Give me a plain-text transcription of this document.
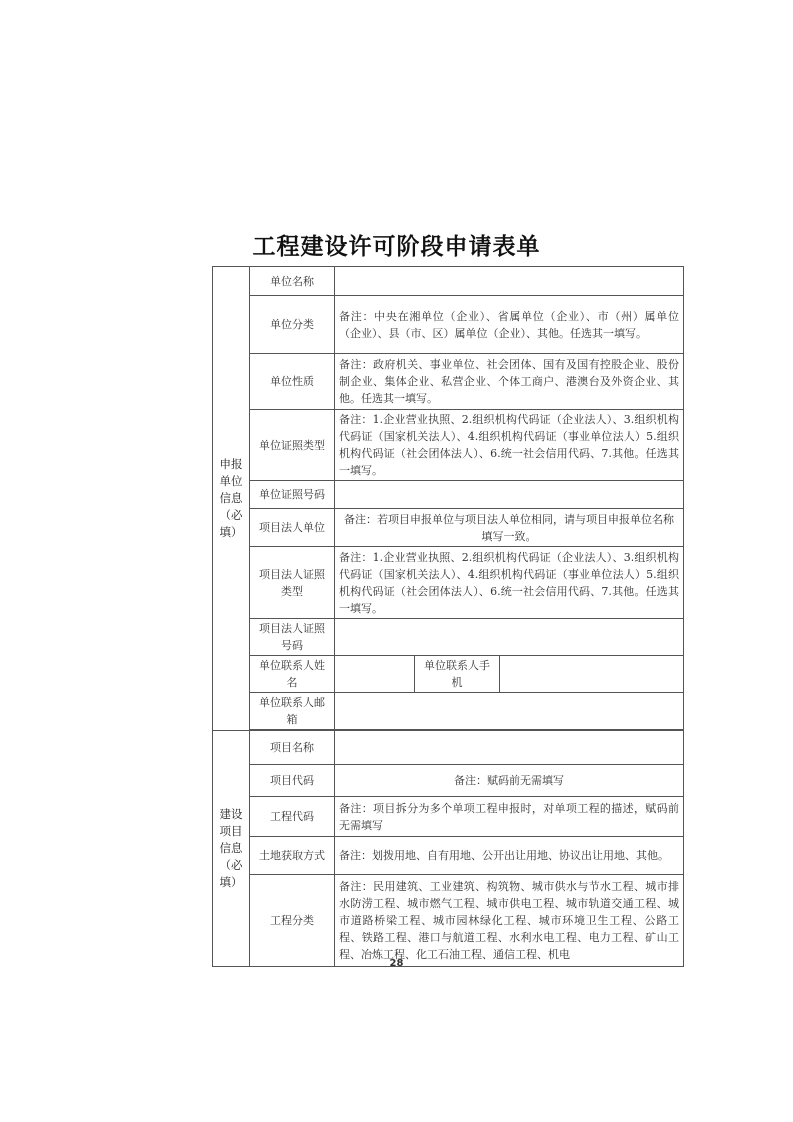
工程建设许可阶段申请表单
申报单位信息（必填）	单位名称			
	单位分类	备注：中央在湘单位（企业）、省属单位（企业）、市（州）属单位（企业）、县（市、区）属单位（企业）、其他。任选其一填写。		
	单位性质	备注：政府机关、事业单位、社会团体、国有及国有控股企业、股份制企业、集体企业、私营企业、个体工商户、港澳台及外资企业、其他。任选其一填写。		
	单位证照类型	备注：1.企业营业执照、2.组织机构代码证（企业法人）、3.组织机构代码证（国家机关法人）、4.组织机构代码证（事业单位法人）5.组织机构代码证（社会团体法人）、6.统一社会信用代码、7.其他。任选其一填写。		
	单位证照号码			
	项目法人单位	备注：若项目申报单位与项目法人单位相同，请与项目申报单位名称填写一致。		
	项目法人证照类型	备注：1.企业营业执照、2.组织机构代码证（企业法人）、3.组织机构代码证（国家机关法人）、4.组织机构代码证（事业单位法人）5.组织机构代码证（社会团体法人）、6.统一社会信用代码、7.其他。任选其一填写。		
	项目法人证照号码			
	单位联系人姓名		单位联系人手机	
	单位联系人邮箱			

建设项目信息（必填）	项目名称			
	项目代码	备注：赋码前无需填写		
	工程代码	备注：项目拆分为多个单项工程申报时，对单项工程的描述，赋码前无需填写		
	土地获取方式	备注：划拨用地、自有用地、公开出让用地、协议出让用地、其他。		
	工程分类	备注：民用建筑、工业建筑、构筑物、城市供水与节水工程、城市排水防涝工程、城市燃气工程、城市供电工程、城市轨道交通工程、城市道路桥梁工程、城市园林绿化工程、城市环境卫生工程、公路工程、铁路工程、港口与航道工程、水利水电工程、电力工程、矿山工程、冶炼工程、化工石油工程、通信工程、机电		
28
